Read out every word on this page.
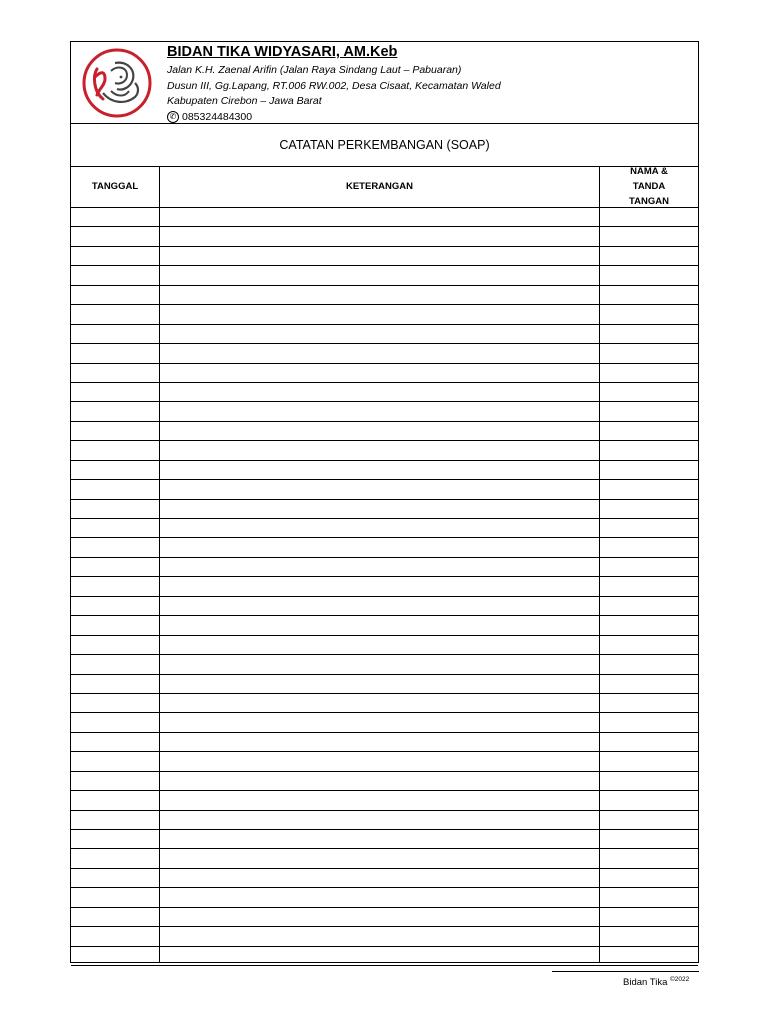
BIDAN TIKA WIDYASARI, AM.Keb
Jalan K.H. Zaenal Arifin (Jalan Raya Sindang Laut – Pabuaran)
Dusun III, Gg.Lapang, RT.006 RW.002, Desa Cisaat, Kecamatan Waled
Kabupaten Cirebon – Jawa Barat
✆ 085324484300
CATATAN PERKEMBANGAN (SOAP)
TANGGAL	KETERANGAN
NAMA & TANDA TANGAN
Bidan Tika $^{©2022}$
